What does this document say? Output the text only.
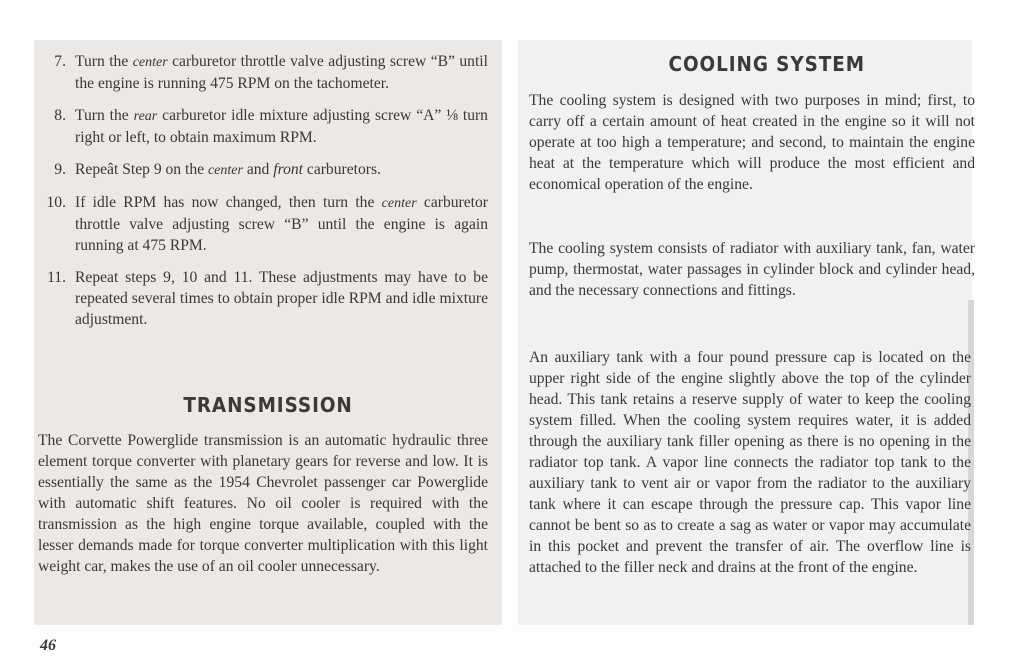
7. Turn the center carburetor throttle valve adjusting screw “B” until the engine is running 475 RPM on the tachometer.
8. Turn the rear carburetor idle mixture adjusting screw “A” ⅛ turn right or left, to obtain maximum RPM.
9. Repeât Step 9 on the center and front carburetors.
10. If idle RPM has now changed, then turn the center carburetor throttle valve adjusting screw “B” until the engine is again running at 475 RPM.
11. Repeat steps 9, 10 and 11. These adjustments may have to be repeated several times to obtain proper idle RPM and idle mixture adjustment.
TRANSMISSION
The Corvette Powerglide transmission is an automatic hydraulic three element torque converter with planetary gears for reverse and low. It is essentially the same as the 1954 Chevrolet passenger car Powerglide with automatic shift features. No oil cooler is required with the transmission as the high engine torque available, coupled with the lesser demands made for torque converter multiplication with this light weight car, makes the use of an oil cooler unnecessary.
46
COOLING SYSTEM
The cooling system is designed with two purposes in mind; first, to carry off a certain amount of heat created in the engine so it will not operate at too high a temperature; and second, to maintain the engine heat at the temperature which will produce the most efficient and economical operation of the engine.
The cooling system consists of radiator with auxiliary tank, fan, water pump, thermostat, water passages in cylinder block and cylinder head, and the necessary connections and fittings.
An auxiliary tank with a four pound pressure cap is located on the upper right side of the engine slightly above the top of the cylinder head. This tank retains a reserve supply of water to keep the cooling system filled. When the cooling system requires water, it is added through the auxiliary tank filler opening as there is no opening in the radiator top tank. A vapor line connects the radiator top tank to the auxiliary tank to vent air or vapor from the radiator to the auxiliary tank where it can escape through the pressure cap. This vapor line cannot be bent so as to create a sag as water or vapor may accumulate in this pocket and prevent the transfer of air. The overflow line is attached to the filler neck and drains at the front of the engine.
